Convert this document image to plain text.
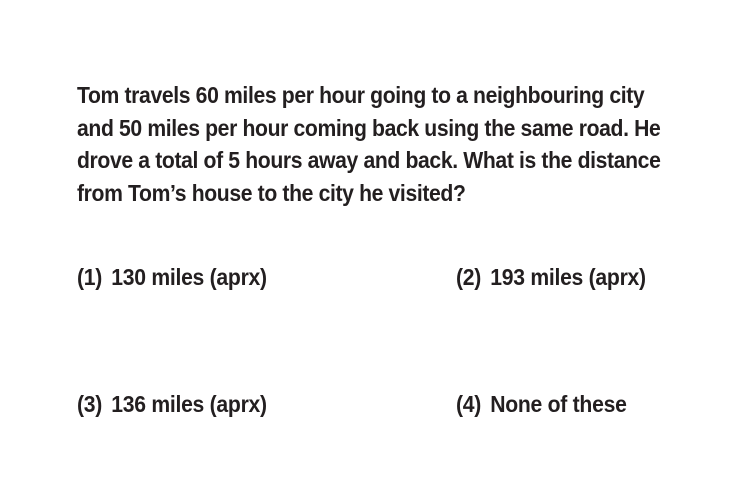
Tom travels 60 miles per hour going to a neighbouring city
and 50 miles per hour coming back using the same road. He
drove a total of 5 hours away and back. What is the distance
from Tom’s house to the city he visited?
(1) 130 miles (aprx)	(2) 193 miles (aprx)
(3) 136 miles (aprx)	(4) None of these
